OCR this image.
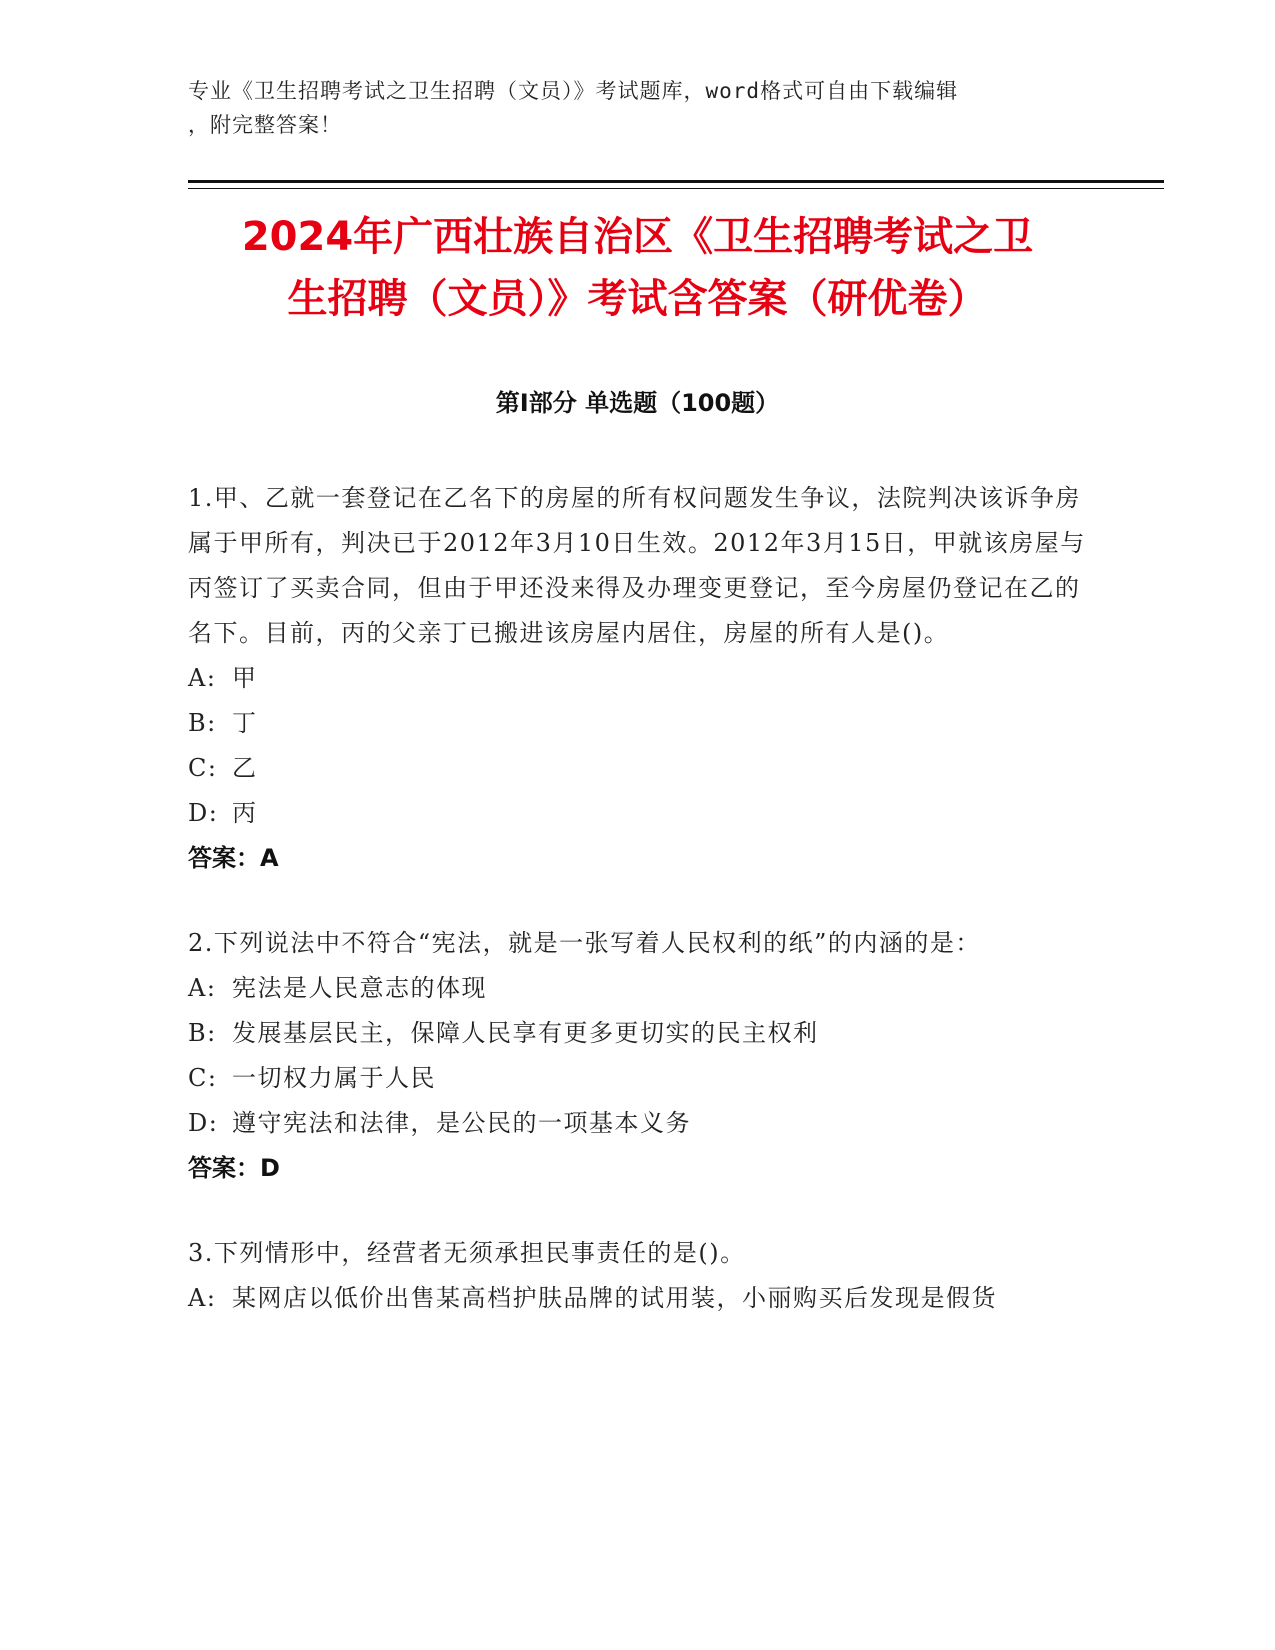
专业《卫生招聘考试之卫生招聘（文员）》考试题库，word格式可自由下载编辑
，附完整答案！
2024年广西壮族自治区《卫生招聘考试之卫
生招聘（文员）》考试含答案（研优卷）
第Ⅰ部分 单选题（100题）

1.甲、乙就一套登记在乙名下的房屋的所有权问题发生争议，法院判决该诉争房属于甲所有，判决已于2012年3月10日生效。2012年3月15日，甲就该房屋与丙签订了买卖合同，但由于甲还没来得及办理变更登记，至今房屋仍登记在乙的名下。目前，丙的父亲丁已搬进该房屋内居住，房屋的所有人是()。

A: 甲
B: 丁
C: 乙
D: 丙

答案：A

2.下列说法中不符合“宪法，就是一张写着人民权利的纸”的内涵的是：

A: 宪法是人民意志的体现
B: 发展基层民主，保障人民享有更多更切实的民主权利
C: 一切权力属于人民
D: 遵守宪法和法律，是公民的一项基本义务

答案：D

3.下列情形中，经营者无须承担民事责任的是()。

A: 某网店以低价出售某高档护肤品牌的试用装，小丽购买后发现是假货
